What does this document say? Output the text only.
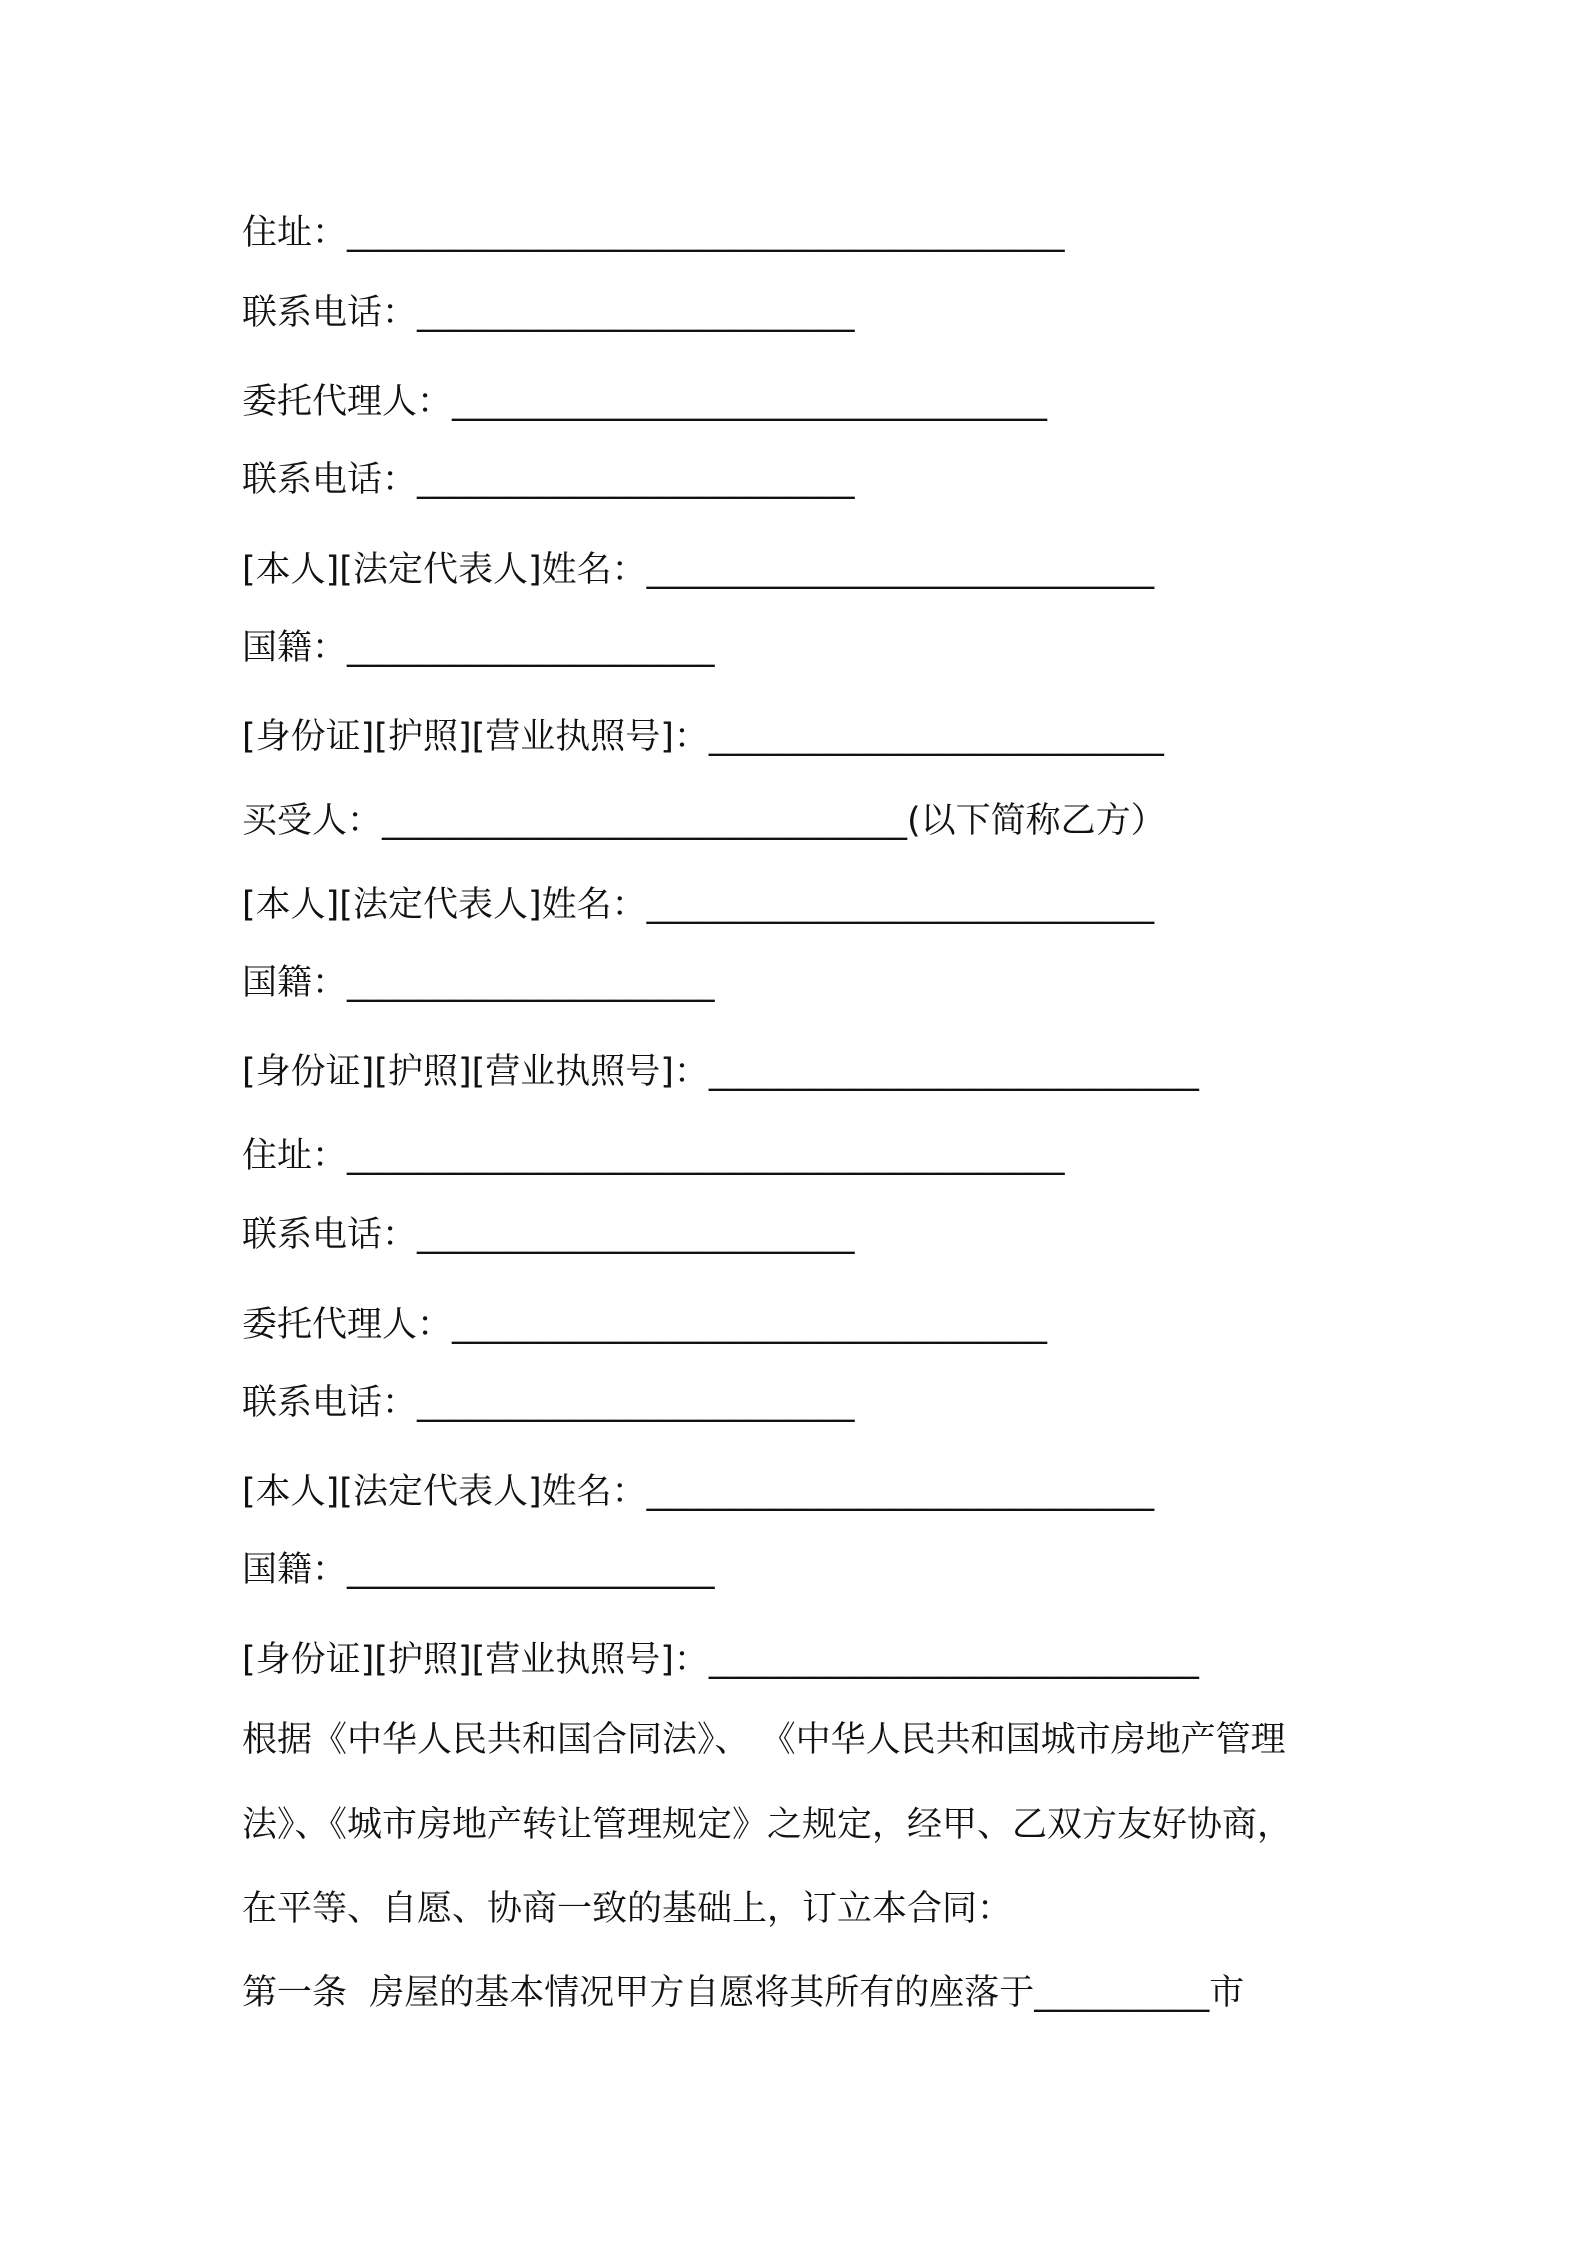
住址：_________________________________________
联系电话：_________________________
委托代理人：__________________________________
联系电话：_________________________
[本人][法定代表人]姓名：_____________________________
国籍：_____________________
[身份证][护照][营业执照号]：__________________________
买受人：______________________________(以下简称乙方）
[本人][法定代表人]姓名：_____________________________
国籍：_____________________
[身份证][护照][营业执照号]：____________________________
住址：_________________________________________
联系电话：_________________________
委托代理人：__________________________________
联系电话：_________________________
[本人][法定代表人]姓名：_____________________________
国籍：_____________________
[身份证][护照][营业执照号]：____________________________
根据《中华人民共和国合同法》、 《中华人民共和国城市房地产管理
法》、《城市房地产转让管理规定》之规定，经甲、乙双方友好协商，
在平等、自愿、协商一致的基础上，订立本合同：
第一条  房屋的基本情况甲方自愿将其所有的座落于__________市
